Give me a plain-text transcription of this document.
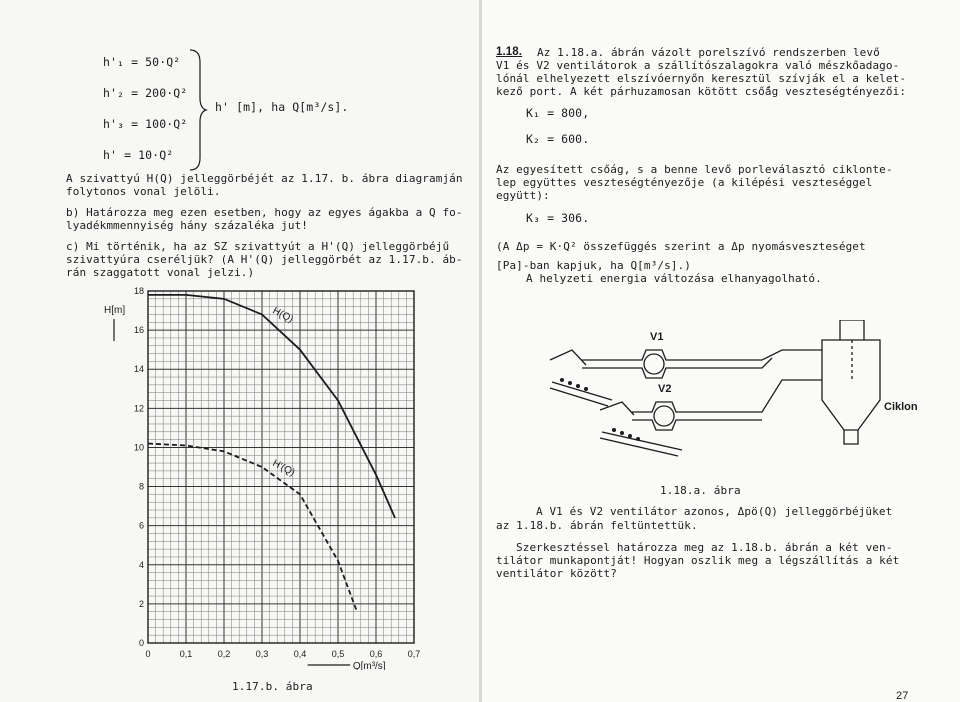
h'₁ = 50·Q²
h'₂ = 200·Q²
h'₃ = 100·Q²
h' = 10·Q²
h' [m], ha Q[m³/s].
A szivattyú H(Q) jelleggörbéjét az 1.17. b. ábra diagramján
folytonos vonal jelöli.
b) Határozza meg ezen esetben, hogy az egyes ágakba a Q fo-
lyadékmmennyiség hány százaléka jut!
c) Mi történik, ha az SZ szivattyút a H'(Q) jelleggörbéjű
szivattyúra cseréljük? (A H'(Q) jelleggörbét az 1.17.b. áb-
rán szaggatott vonal jelzi.)
H(Q)
H'(Q)
0	0,1	0,2	0,3	0,4	0,5	0,6	0,7
0
2
4
6
8
10
12
14
16
18
H[m]
Q[m³/s]
1.17.b. ábra
1.18. Az 1.18.a. ábrán vázolt porelszívó rendszerben levő
V1 és V2 ventilátorok a szállítószalagokra való mészkőadago-
lónál elhelyezett elszívóernyőn keresztül szívják el a kelet-
kező port. A két párhuzamosan kötött cső̋ág veszteségtényezői:
K₁ = 800,
K₂ = 600.
Az egyesített csőág, s a benne levő porleválasztó ciklonte-
lep együttes veszteségtényezője (a kilépési veszteséggel
együtt):
K₃ = 306.
(A Δp = K·Q² összefüggés szerint a Δp nyomásveszteséget
[Pa]-ban kapjuk, ha Q[m³/s].)
A helyzeti energia változása elhanyagolható.
V1
V2
Ciklon
1.18.a. ábra
A V1 és V2 ventilátor azonos, Δpö(Q) jelleggörbéjüket
az 1.18.b. ábrán feltüntettük.
Szerkesztéssel határozza meg az 1.18.b. ábrán a két ven-
tilátor munkapontját! Hogyan oszlik meg a légszállítás a két
ventilátor között?
27
